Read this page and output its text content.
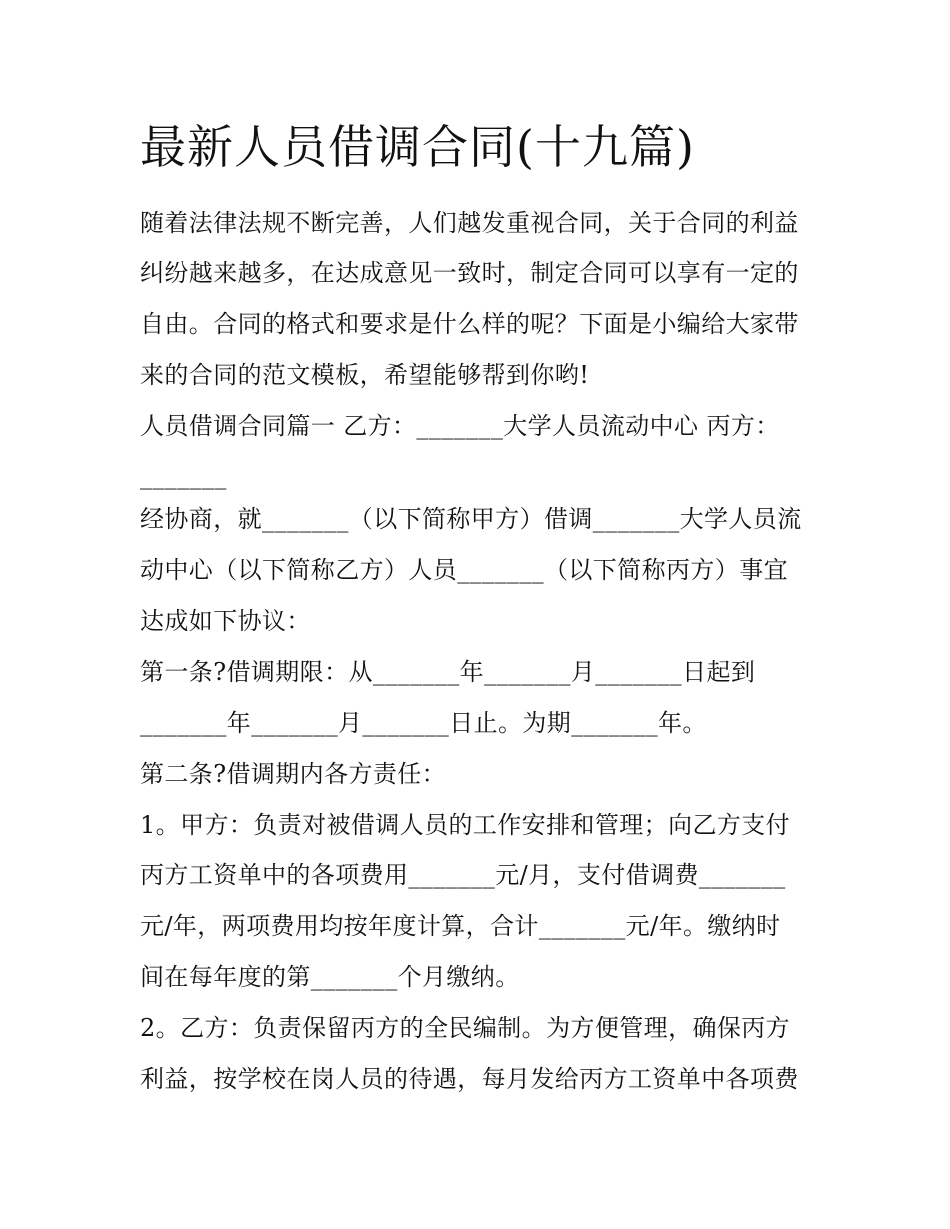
最新人员借调合同(十九篇)
随着法律法规不断完善，人们越发重视合同，关于合同的利益
纠纷越来越多，在达成意见一致时，制定合同可以享有一定的
自由。合同的格式和要求是什么样的呢？下面是小编给大家带
来的合同的范文模板，希望能够帮到你哟!
人员借调合同篇一 乙方：_______大学人员流动中心 丙方：
_______
经协商，就_______（以下简称甲方）借调_______大学人员流
动中心（以下简称乙方）人员_______（以下简称丙方）事宜
达成如下协议：
第一条?借调期限：从_______年_______月_______日起到
_______年_______月_______日止。为期_______年。
第二条?借调期内各方责任：
1。甲方：负责对被借调人员的工作安排和管理；向乙方支付
丙方工资单中的各项费用_______元/月，支付借调费_______
元/年，两项费用均按年度计算，合计_______元/年。缴纳时
间在每年度的第_______个月缴纳。
2。乙方：负责保留丙方的全民编制。为方便管理，确保丙方
利益，按学校在岗人员的待遇，每月发给丙方工资单中各项费
